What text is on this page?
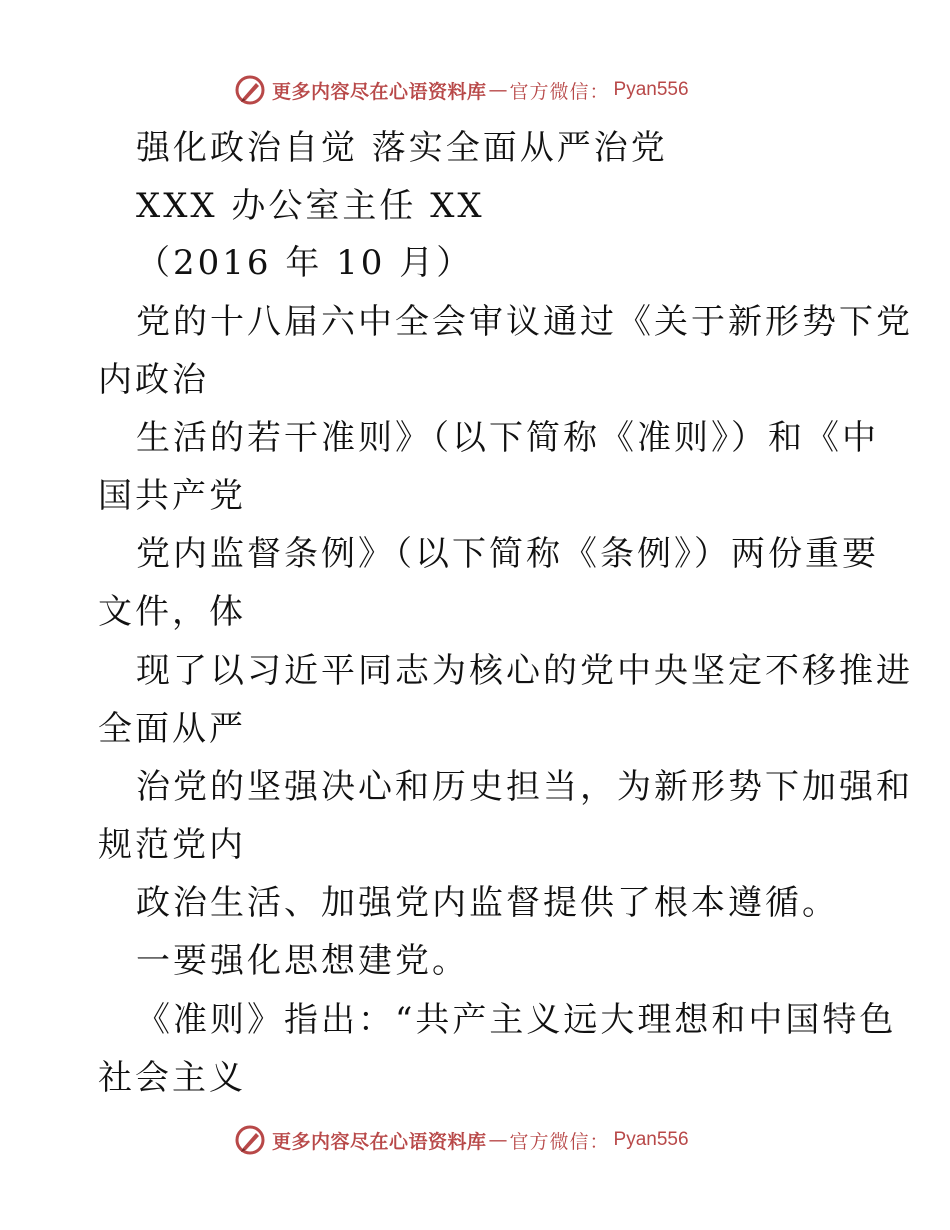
更多内容尽在心语资料库 — 官方微信： Pyan556
强化政治自觉 落实全面从严治党
XXX 办公室主任 XX
（2016 年 10 月）
党的十八届六中全会审议通过《关于新形势下党
内政治
生活的若干准则》（以下简称《准则》）和《中
国共产党
党内监督条例》（以下简称《条例》）两份重要
文件，体
现了以习近平同志为核心的党中央坚定不移推进
全面从严
治党的坚强决心和历史担当，为新形势下加强和
规范党内
政治生活、加强党内监督提供了根本遵循。
一要强化思想建党。
《准则》指出：“共产主义远大理想和中国特色
社会主义
更多内容尽在心语资料库 — 官方微信： Pyan556
